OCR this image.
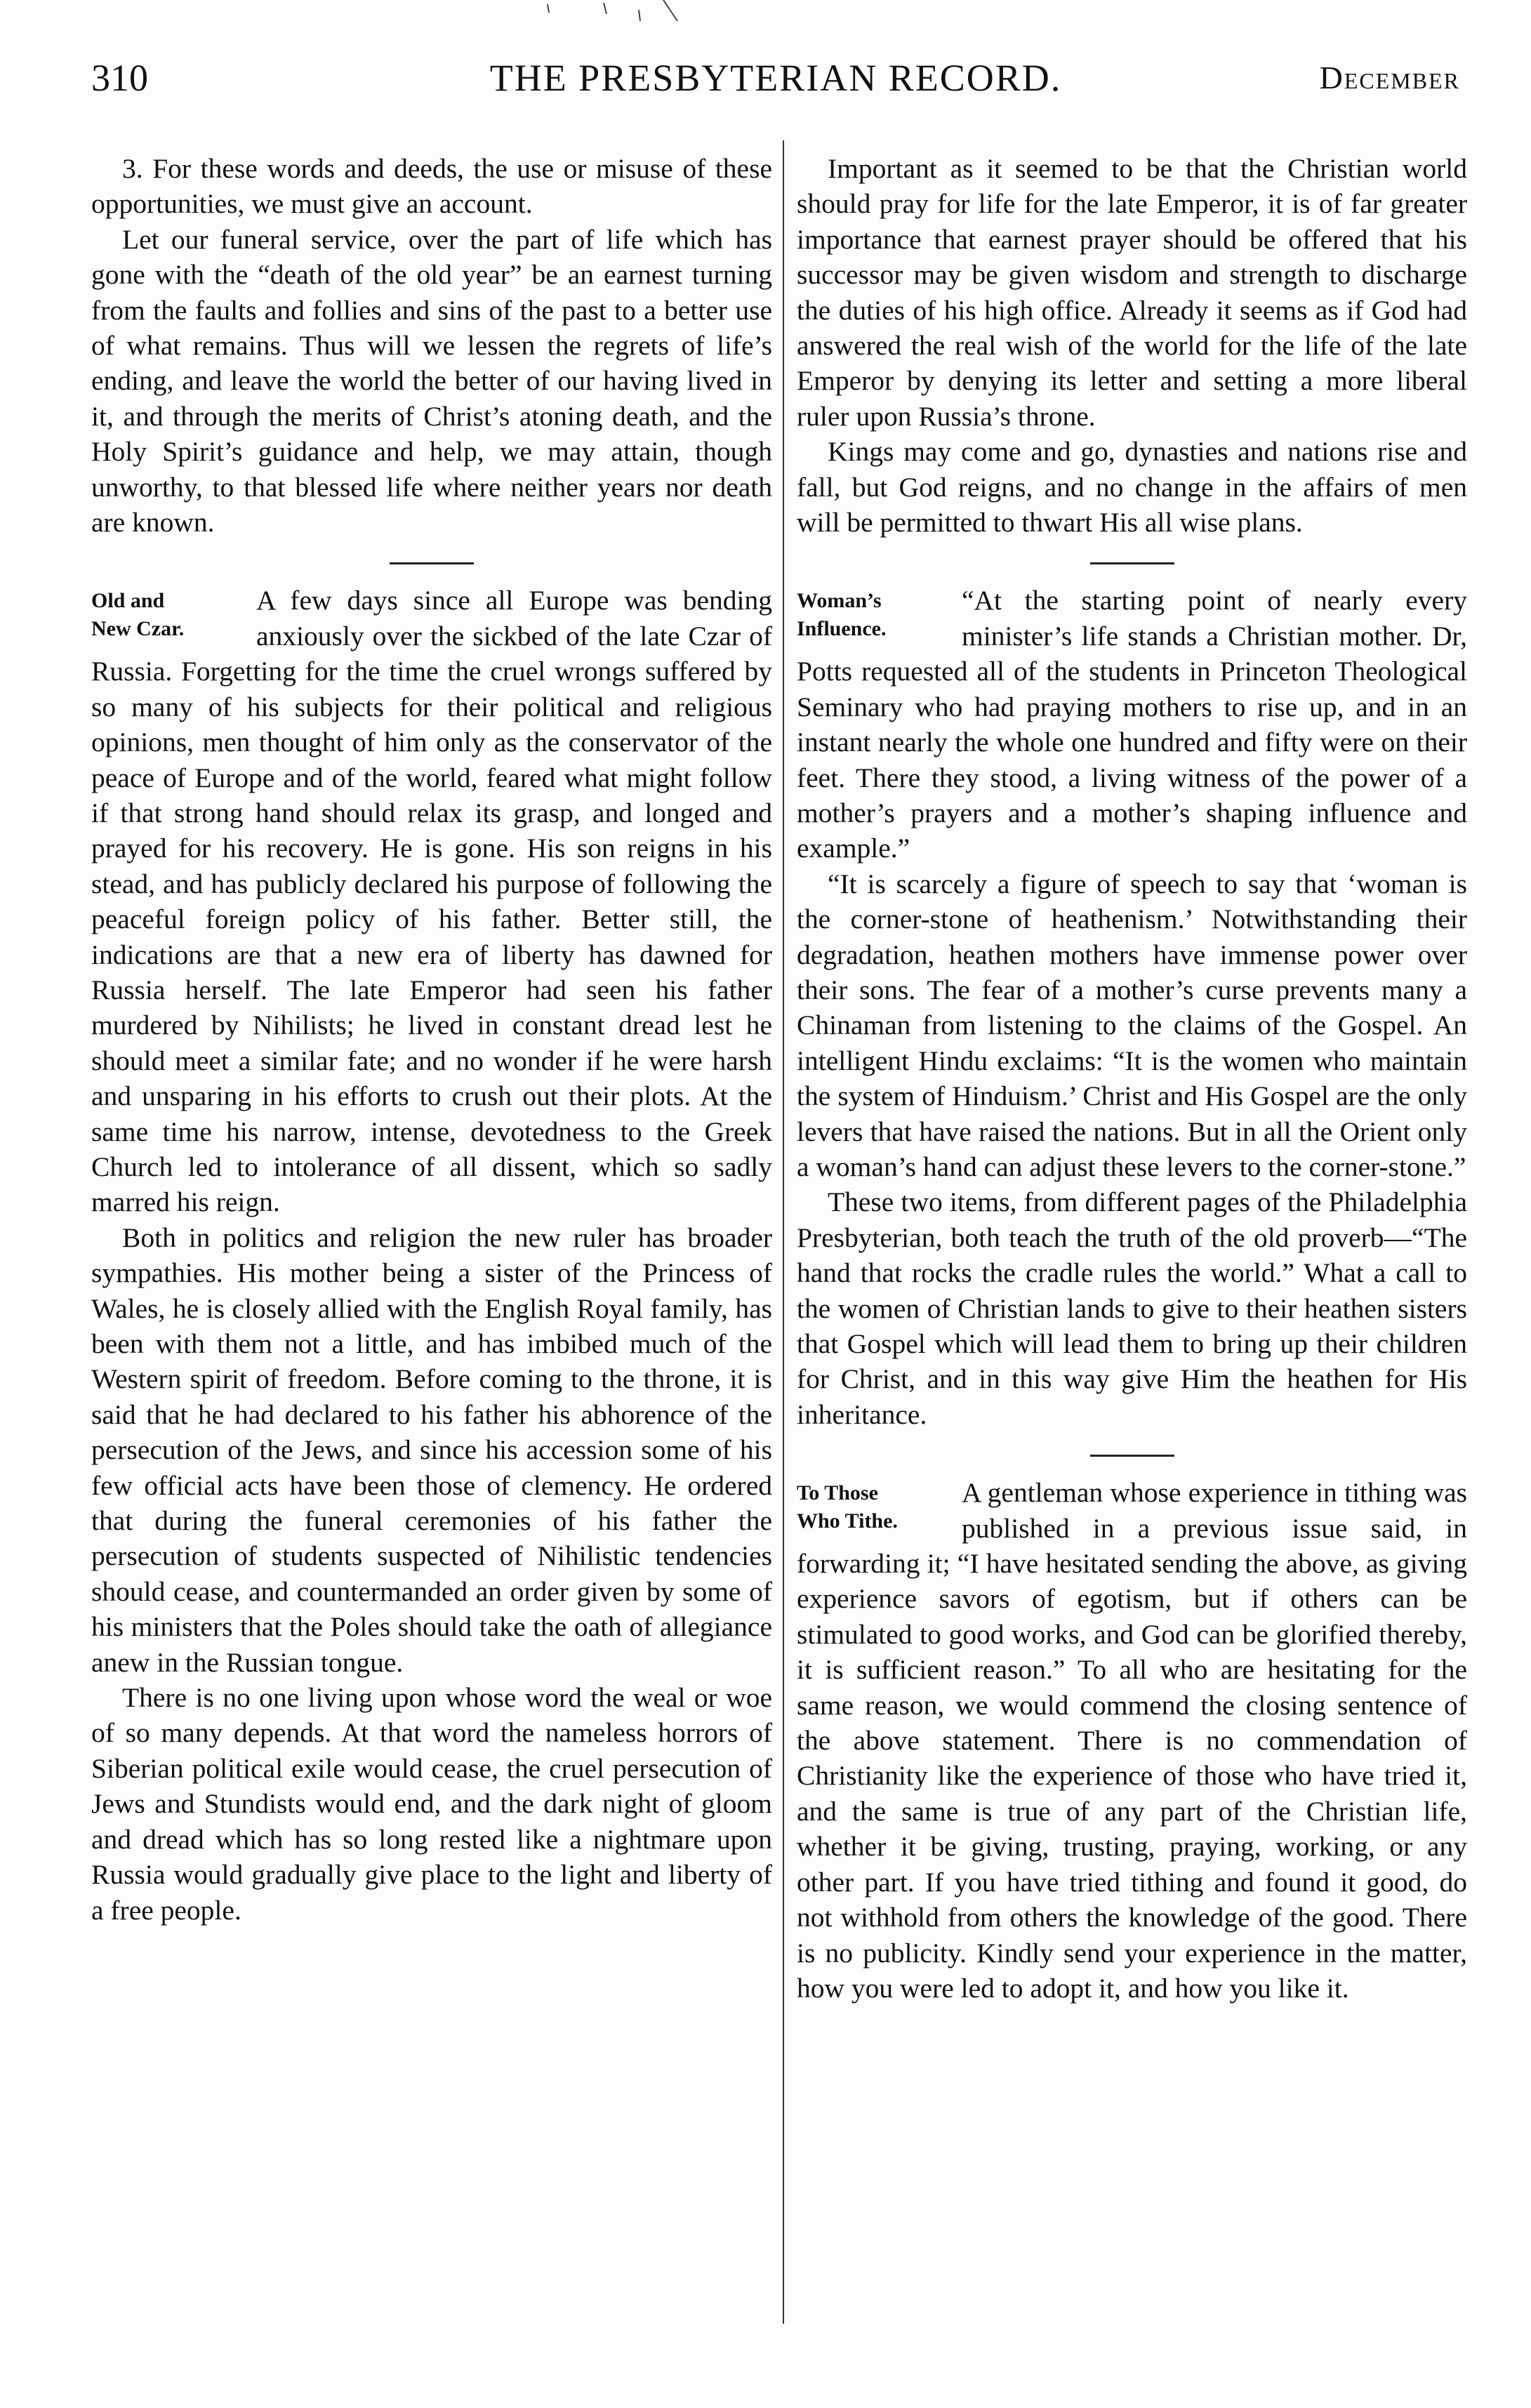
310	THE PRESBYTERIAN RECORD.	December

3. For these words and deeds, the use or misuse of these opportunities, we must give an account.

Let our funeral service, over the part of life which has gone with the “death of the old year” be an earnest turning from the faults and follies and sins of the past to a better use of what remains. Thus will we lessen the regrets of life’s ending, and leave the world the better of our having lived in it, and through the merits of Christ’s atoning death, and the Holy Spirit’s guidance and help, we may attain, though unworthy, to that blessed life where neither years nor death are known.

Old and
New Czar.

A few days since all Europe was bending anxiously over the sickbed of the late Czar of Russia. Forgetting for the time the cruel wrongs suffered by so many of his subjects for their political and religious opinions, men thought of him only as the conservator of the peace of Europe and of the world, feared what might follow if that strong hand should relax its grasp, and longed and prayed for his recovery. He is gone. His son reigns in his stead, and has publicly declared his purpose of following the peaceful foreign policy of his father. Better still, the indications are that a new era of liberty has dawned for Russia herself. The late Emperor had seen his father murdered by Nihilists; he lived in constant dread lest he should meet a similar fate; and no wonder if he were harsh and unsparing in his efforts to crush out their plots. At the same time his narrow, intense, devotedness to the Greek Church led to intolerance of all dissent, which so sadly marred his reign.

Both in politics and religion the new ruler has broader sympathies. His mother being a sister of the Princess of Wales, he is closely allied with the English Royal family, has been with them not a little, and has imbibed much of the Western spirit of freedom. Before coming to the throne, it is said that he had declared to his father his abhorence of the persecution of the Jews, and since his accession some of his few official acts have been those of clemency. He ordered that during the funeral ceremonies of his father the persecution of students suspected of Nihilistic tendencies should cease, and countermanded an order given by some of his ministers that the Poles should take the oath of allegiance anew in the Russian tongue.

There is no one living upon whose word the weal or woe of so many depends. At that word the nameless horrors of Siberian political exile would cease, the cruel persecution of Jews and Stundists would end, and the dark night of gloom and dread which has so long rested like a nightmare upon Russia would gradually give place to the light and liberty of a free people.

Important as it seemed to be that the Christian world should pray for life for the late Emperor, it is of far greater importance that earnest prayer should be offered that his successor may be given wisdom and strength to discharge the duties of his high office. Already it seems as if God had answered the real wish of the world for the life of the late Emperor by denying its letter and setting a more liberal ruler upon Russia’s throne.

Kings may come and go, dynasties and nations rise and fall, but God reigns, and no change in the affairs of men will be permitted to thwart His all wise plans.

Woman’s
Influence.

“At the starting point of nearly every minister’s life stands a Christian mother. Dr, Potts requested all of the students in Princeton Theological Seminary who had praying mothers to rise up, and in an instant nearly the whole one hundred and fifty were on their feet. There they stood, a living witness of the power of a mother’s prayers and a mother’s shaping influence and example.”

“It is scarcely a figure of speech to say that ‘woman is the corner-stone of heathenism.’ Notwithstanding their degradation, heathen mothers have immense power over their sons. The fear of a mother’s curse prevents many a Chinaman from listening to the claims of the Gospel. An intelligent Hindu exclaims: “It is the women who maintain the system of Hinduism.’ Christ and His Gospel are the only levers that have raised the nations. But in all the Orient only a woman’s hand can adjust these levers to the corner-stone.”

These two items, from different pages of the Philadelphia Presbyterian, both teach the truth of the old proverb—“The hand that rocks the cradle rules the world.” What a call to the women of Christian lands to give to their heathen sisters that Gospel which will lead them to bring up their children for Christ, and in this way give Him the heathen for His inheritance.

To Those
Who Tithe.

A gentleman whose experience in tithing was published in a previous issue said, in forwarding it; “I have hesitated sending the above, as giving experience savors of egotism, but if others can be stimulated to good works, and God can be glorified thereby, it is sufficient reason.” To all who are hesitating for the same reason, we would commend the closing sentence of the above statement. There is no commendation of Christianity like the experience of those who have tried it, and the same is true of any part of the Christian life, whether it be giving, trusting, praying, working, or any other part. If you have tried tithing and found it good, do not withhold from others the knowledge of the good. There is no publicity. Kindly send your experience in the matter, how you were led to adopt it, and how you like it.
